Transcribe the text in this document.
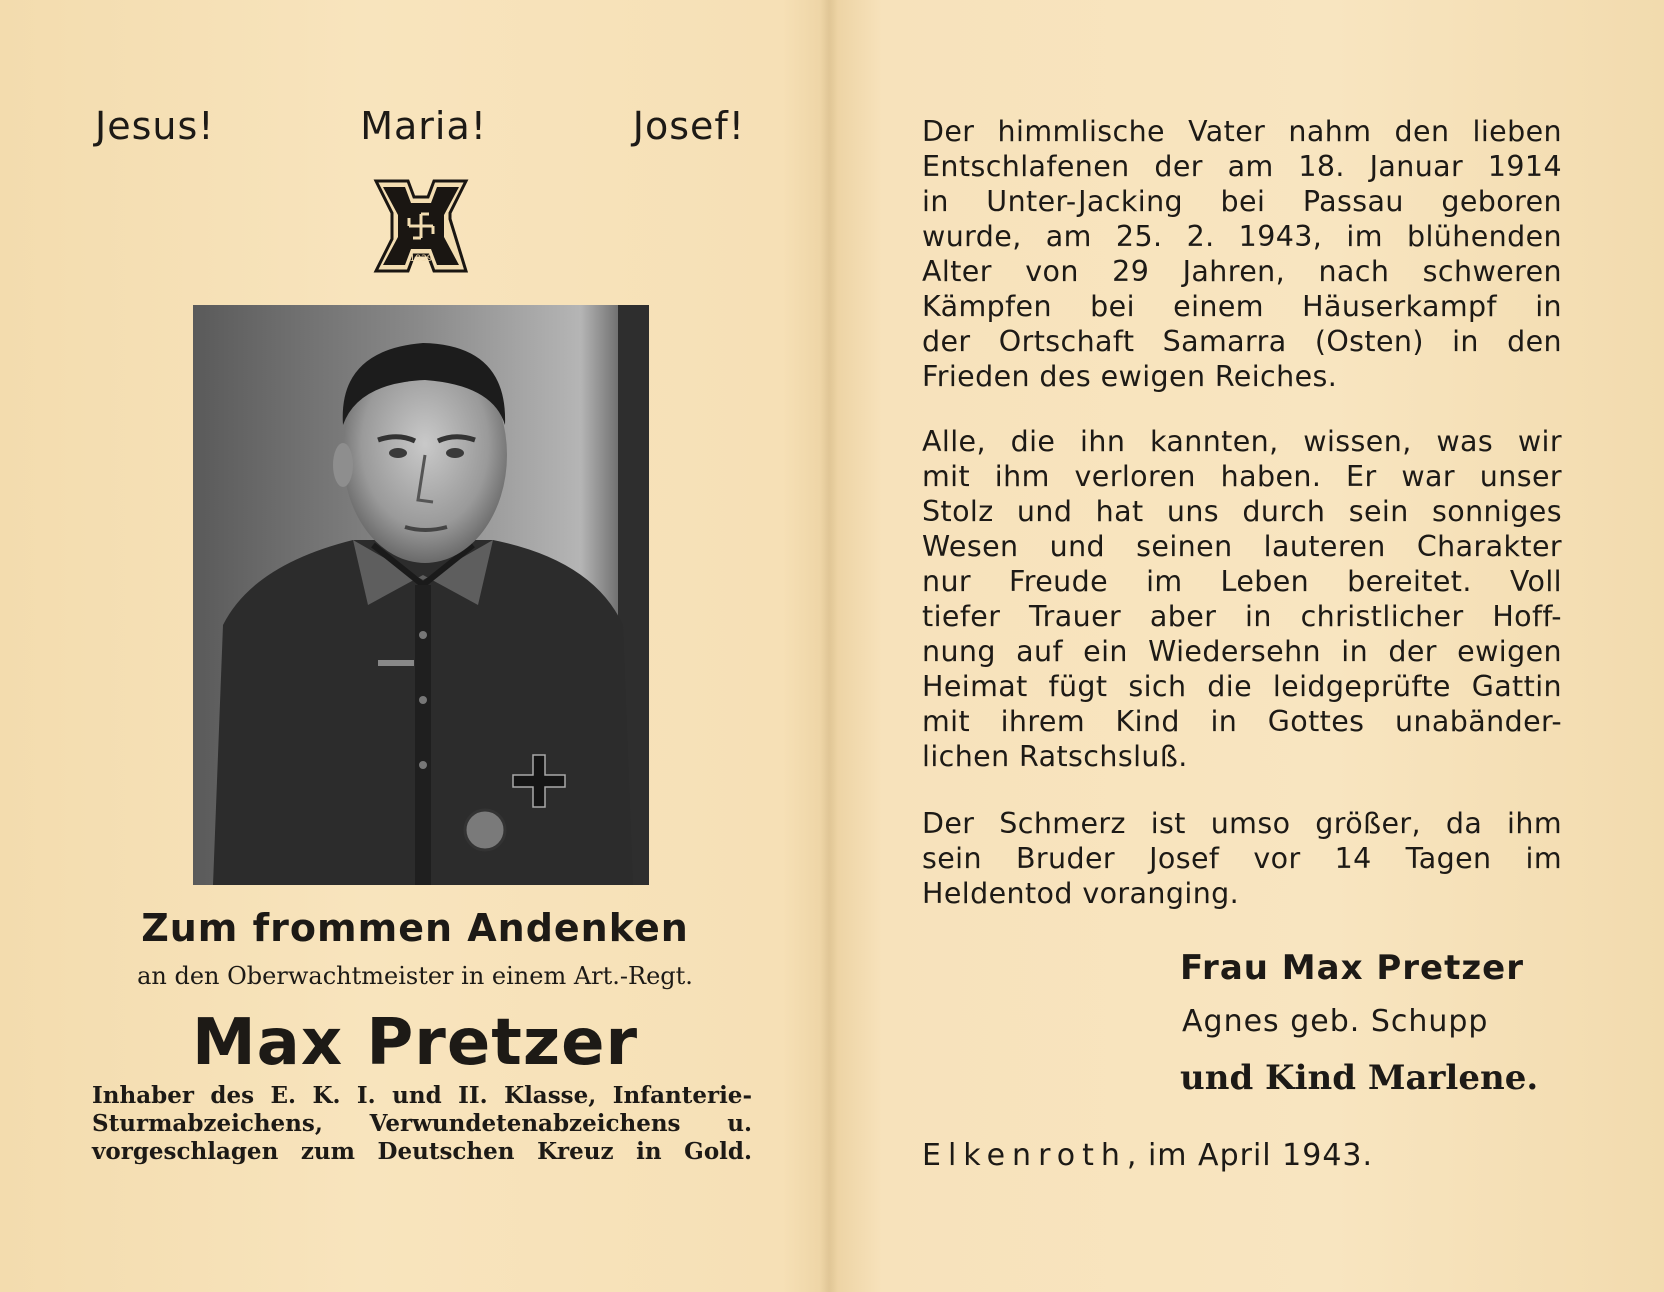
Jesus!	Maria!	Josef!
1939
Zum frommen Andenken
an den Oberwachtmeister in einem Art.-Regt.
Max Pretzer
Inhaber des E. K. I. und II. Klasse, Infanterie-
Sturmabzeichens, Verwundetenabzeichens u.
vorgeschlagen zum Deutschen Kreuz in Gold.
Der himmlische Vater nahm den lieben
Entschlafenen der am 18. Januar 1914
in Unter-Jacking bei Passau geboren
wurde, am 25. 2. 1943, im blühenden
Alter von 29 Jahren, nach schweren
Kämpfen bei einem Häuserkampf in
der Ortschaft Samarra (Osten) in den
Frieden des ewigen Reiches.
Alle, die ihn kannten, wissen, was wir
mit ihm verloren haben. Er war unser
Stolz und hat uns durch sein sonniges
Wesen und seinen lauteren Charakter
nur Freude im Leben bereitet. Voll
tiefer Trauer aber in christlicher Hoff-
nung auf ein Wiedersehn in der ewigen
Heimat fügt sich die leidgeprüfte Gattin
mit ihrem Kind in Gottes unabänder-
lichen Ratschsluß.
Der Schmerz ist umso größer, da ihm
sein Bruder Josef vor 14 Tagen im
Heldentod voranging.
Frau Max Pretzer
Agnes geb. Schupp
und Kind Marlene.
Elkenroth, im April 1943.
